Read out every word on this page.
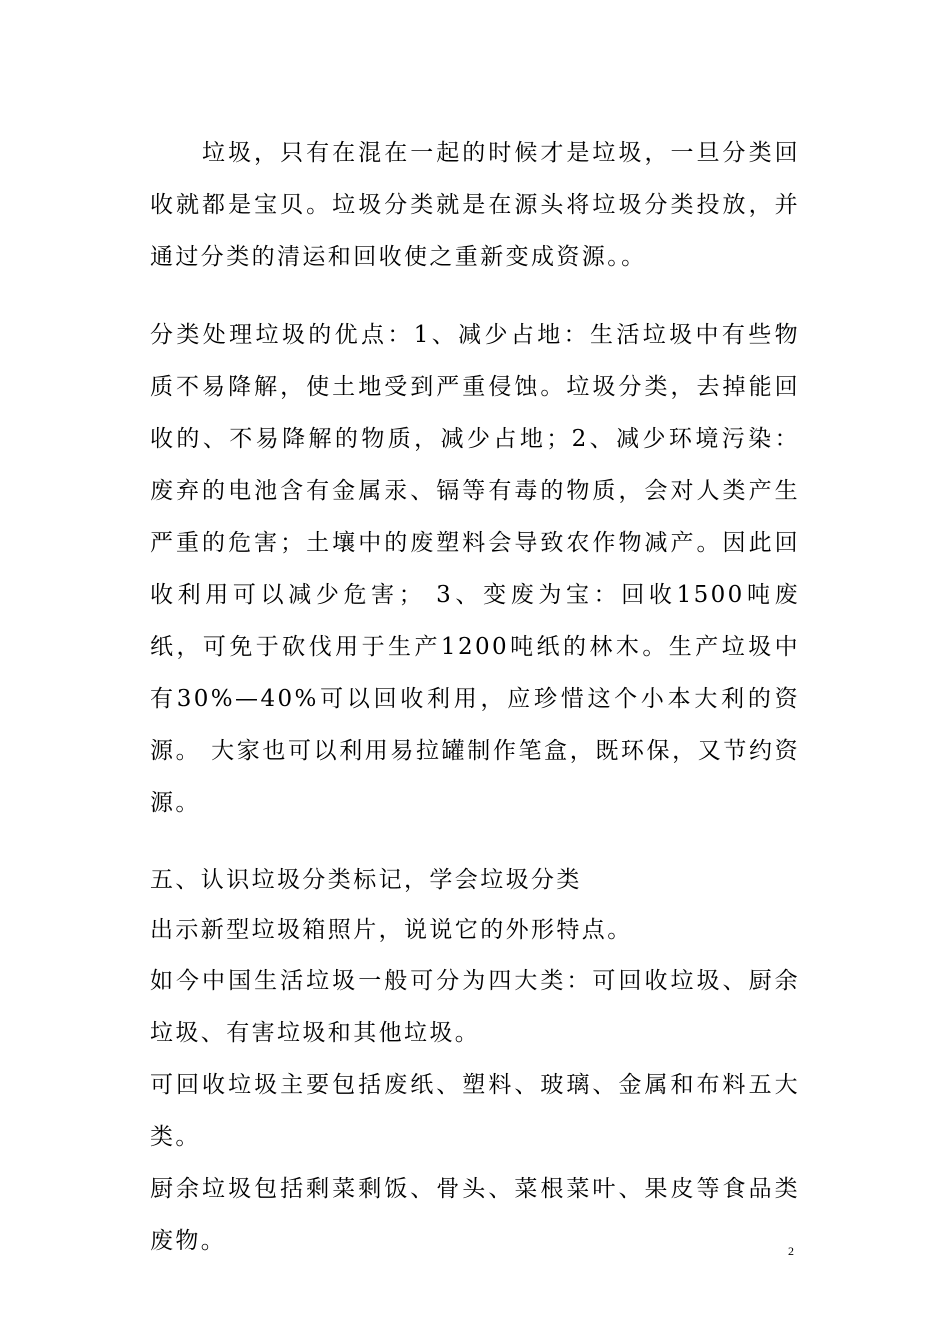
垃圾，只有在混在一起的时候才是垃圾，一旦分类回收就都是宝贝。垃圾分类就是在源头将垃圾分类投放，并通过分类的清运和回收使之重新变成资源。。

分类处理垃圾的优点：1、减少占地：生活垃圾中有些物质不易降解，使土地受到严重侵蚀。垃圾分类，去掉能回收的、不易降解的物质，减少占地；2、减少环境污染：废弃的电池含有金属汞、镉等有毒的物质，会对人类产生严重的危害；土壤中的废塑料会导致农作物减产。因此回收利用可以减少危害； 3、变废为宝：回收1500吨废纸，可免于砍伐用于生产1200吨纸的林木。生产垃圾中有30%—40%可以回收利用，应珍惜这个小本大利的资源。 大家也可以利用易拉罐制作笔盒，既环保，又节约资源。

五、认识垃圾分类标记，学会垃圾分类

出示新型垃圾箱照片，说说它的外形特点。

如今中国生活垃圾一般可分为四大类：可回收垃圾、厨余垃圾、有害垃圾和其他垃圾。

可回收垃圾主要包括废纸、塑料、玻璃、金属和布料五大类。

厨余垃圾包括剩菜剩饭、骨头、菜根菜叶、果皮等食品类废物。	2
